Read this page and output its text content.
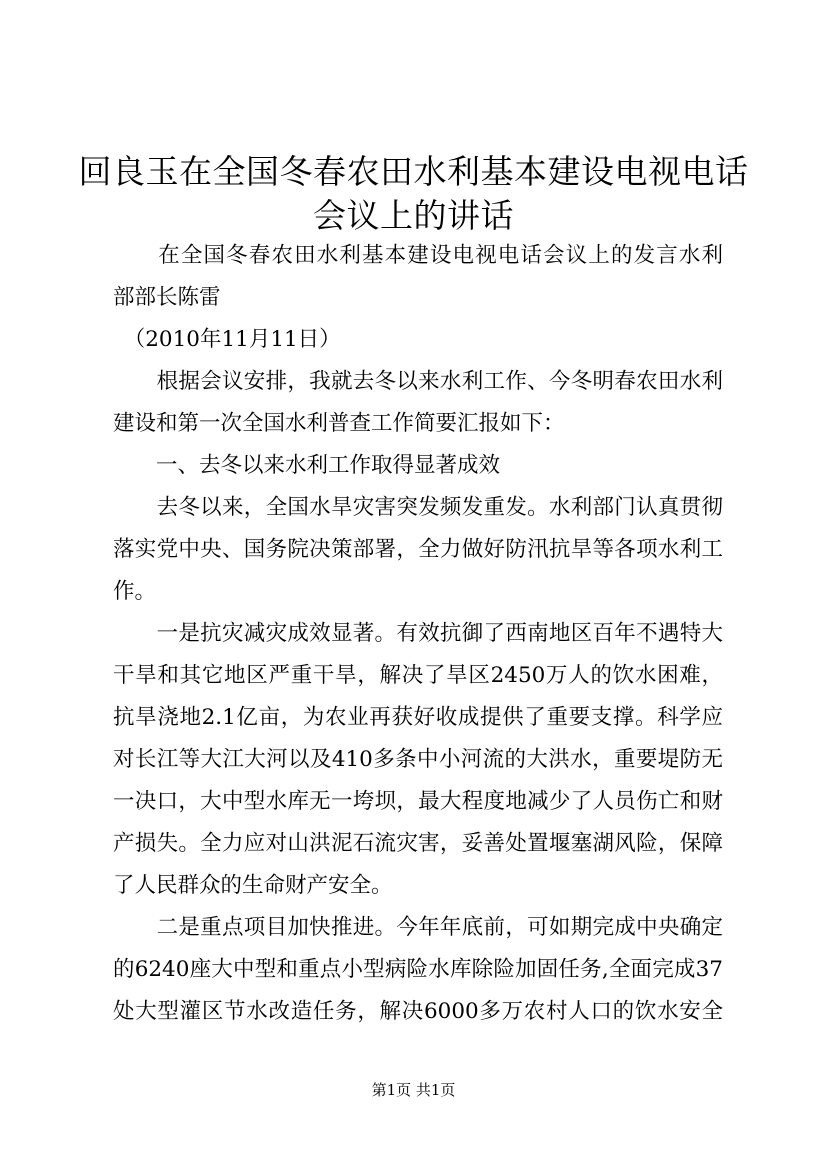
回良玉在全国冬春农田水利基本建设电视电话
会议上的讲话
　　在全国冬春农田水利基本建设电视电话会议上的发言水利
部部长陈雷
　（2010年11月11日）
　　根据会议安排，我就去冬以来水利工作、今冬明春农田水利
建设和第一次全国水利普查工作简要汇报如下：
　　一、去冬以来水利工作取得显著成效
　　去冬以来，全国水旱灾害突发频发重发。水利部门认真贯彻
落实党中央、国务院决策部署，全力做好防汛抗旱等各项水利工
作。
　　一是抗灾减灾成效显著。有效抗御了西南地区百年不遇特大
干旱和其它地区严重干旱，解决了旱区2450万人的饮水困难，
抗旱浇地2.1亿亩，为农业再获好收成提供了重要支撑。科学应
对长江等大江大河以及410多条中小河流的大洪水，重要堤防无
一决口，大中型水库无一垮坝，最大程度地减少了人员伤亡和财
产损失。全力应对山洪泥石流灾害，妥善处置堰塞湖风险，保障
了人民群众的生命财产安全。
　　二是重点项目加快推进。今年年底前，可如期完成中央确定
的6240座大中型和重点小型病险水库除险加固任务,全面完成37
处大型灌区节水改造任务，解决6000多万农村人口的饮水安全
第1页 共1页
